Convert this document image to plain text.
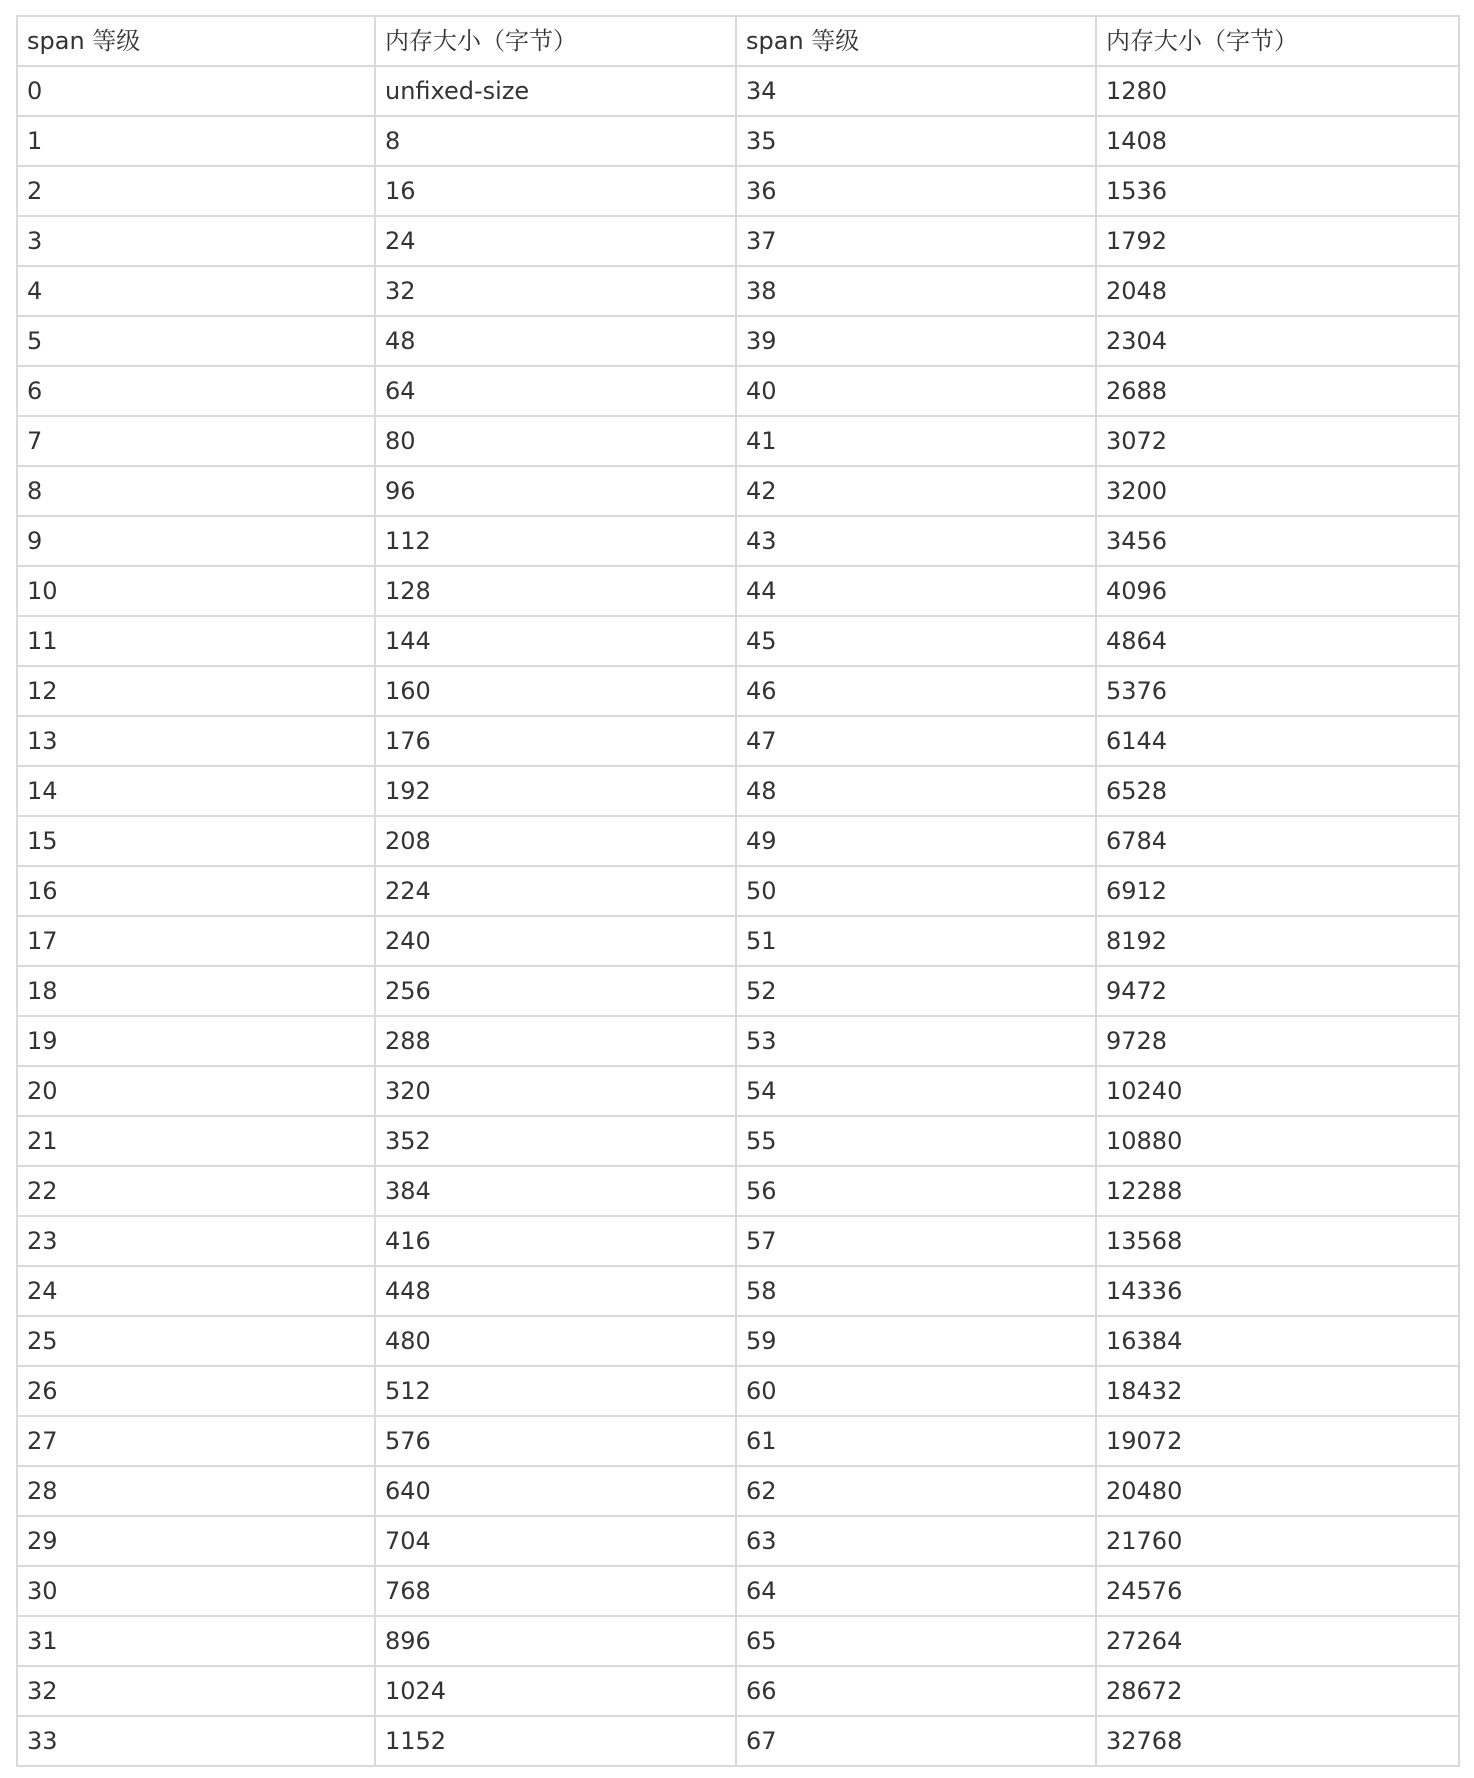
span 等级	内存大小（字节）	span 等级	内存大小（字节）
0	unfixed-size	34	1280
1	8	35	1408
2	16	36	1536
3	24	37	1792
4	32	38	2048
5	48	39	2304
6	64	40	2688
7	80	41	3072
8	96	42	3200
9	112	43	3456
10	128	44	4096
11	144	45	4864
12	160	46	5376
13	176	47	6144
14	192	48	6528
15	208	49	6784
16	224	50	6912
17	240	51	8192
18	256	52	9472
19	288	53	9728
20	320	54	10240
21	352	55	10880
22	384	56	12288
23	416	57	13568
24	448	58	14336
25	480	59	16384
26	512	60	18432
27	576	61	19072
28	640	62	20480
29	704	63	21760
30	768	64	24576
31	896	65	27264
32	1024	66	28672
33	1152	67	32768
